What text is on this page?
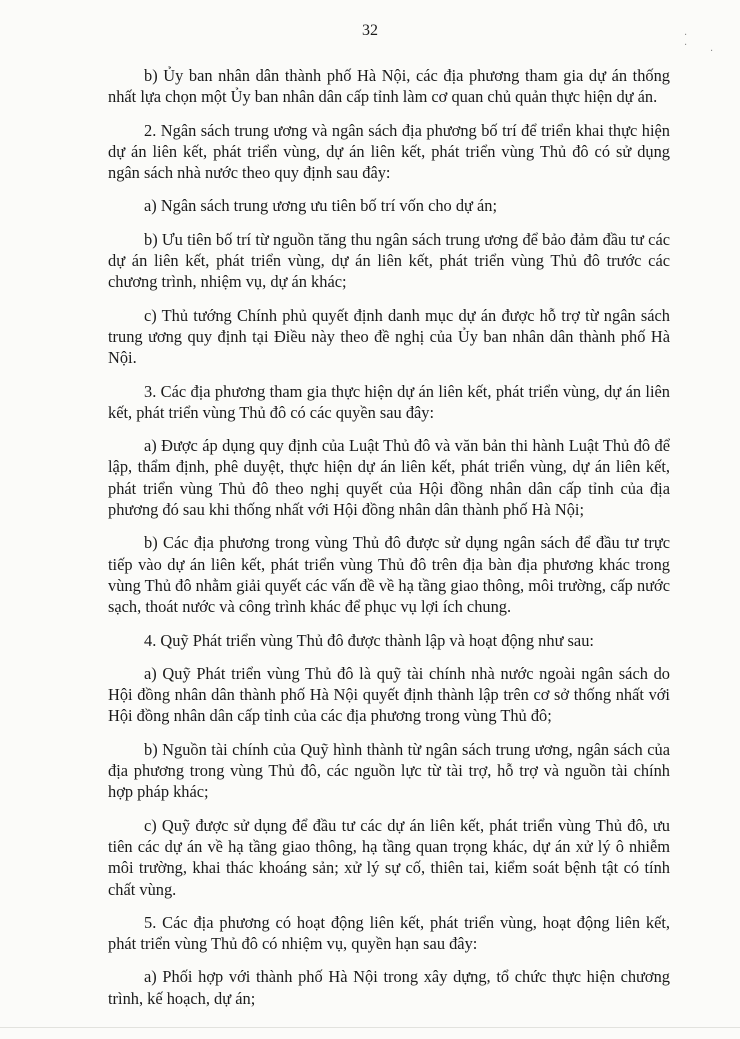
32	·
·
·

b) Ủy ban nhân dân thành phố Hà Nội, các địa phương tham gia dự án thống nhất lựa chọn một Ủy ban nhân dân cấp tỉnh làm cơ quan chủ quản thực hiện dự án.

2. Ngân sách trung ương và ngân sách địa phương bố trí để triển khai thực hiện dự án liên kết, phát triển vùng, dự án liên kết, phát triển vùng Thủ đô có sử dụng ngân sách nhà nước theo quy định sau đây:

a) Ngân sách trung ương ưu tiên bố trí vốn cho dự án;

b) Ưu tiên bố trí từ nguồn tăng thu ngân sách trung ương để bảo đảm đầu tư các dự án liên kết, phát triển vùng, dự án liên kết, phát triển vùng Thủ đô trước các chương trình, nhiệm vụ, dự án khác;

c) Thủ tướng Chính phủ quyết định danh mục dự án được hỗ trợ từ ngân sách trung ương quy định tại Điều này theo đề nghị của Ủy ban nhân dân thành phố Hà Nội.

3. Các địa phương tham gia thực hiện dự án liên kết, phát triển vùng, dự án liên kết, phát triển vùng Thủ đô có các quyền sau đây:

a) Được áp dụng quy định của Luật Thủ đô và văn bản thi hành Luật Thủ đô để lập, thẩm định, phê duyệt, thực hiện dự án liên kết, phát triển vùng, dự án liên kết, phát triển vùng Thủ đô theo nghị quyết của Hội đồng nhân dân cấp tỉnh của địa phương đó sau khi thống nhất với Hội đồng nhân dân thành phố Hà Nội;

b) Các địa phương trong vùng Thủ đô được sử dụng ngân sách để đầu tư trực tiếp vào dự án liên kết, phát triển vùng Thủ đô trên địa bàn địa phương khác trong vùng Thủ đô nhằm giải quyết các vấn đề về hạ tầng giao thông, môi trường, cấp nước sạch, thoát nước và công trình khác để phục vụ lợi ích chung.

4. Quỹ Phát triển vùng Thủ đô được thành lập và hoạt động như sau:

a) Quỹ Phát triển vùng Thủ đô là quỹ tài chính nhà nước ngoài ngân sách do Hội đồng nhân dân thành phố Hà Nội quyết định thành lập trên cơ sở thống nhất với Hội đồng nhân dân cấp tỉnh của các địa phương trong vùng Thủ đô;

b) Nguồn tài chính của Quỹ hình thành từ ngân sách trung ương, ngân sách của địa phương trong vùng Thủ đô, các nguồn lực từ tài trợ, hỗ trợ và nguồn tài chính hợp pháp khác;

c) Quỹ được sử dụng để đầu tư các dự án liên kết, phát triển vùng Thủ đô, ưu tiên các dự án về hạ tầng giao thông, hạ tầng quan trọng khác, dự án xử lý ô nhiễm môi trường, khai thác khoáng sản; xử lý sự cố, thiên tai, kiểm soát bệnh tật có tính chất vùng.

5. Các địa phương có hoạt động liên kết, phát triển vùng, hoạt động liên kết, phát triển vùng Thủ đô có nhiệm vụ, quyền hạn sau đây:

a) Phối hợp với thành phố Hà Nội trong xây dựng, tổ chức thực hiện chương trình, kế hoạch, dự án;
